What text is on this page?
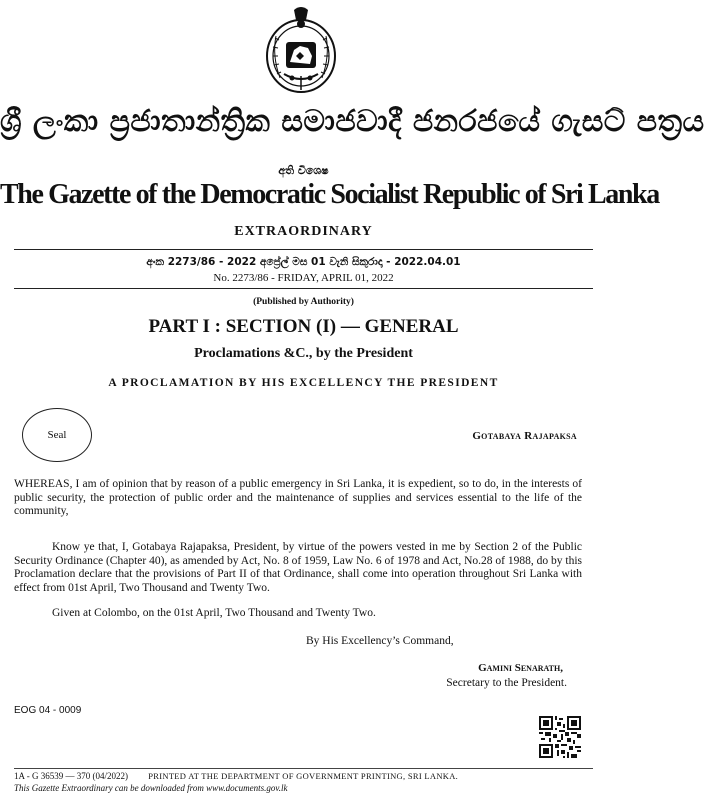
ශ්‍රී ලංකා ප්‍රජාතාන්ත්‍රික සමාජවාදී ජනරජයේ ගැසට් පත්‍රය
අති විශෙෂ
The Gazette of the Democratic Socialist Republic of Sri Lanka
EXTRAORDINARY
අංක 2273/86 - 2022 අප්‍රේල් මස 01 වැනි සිකුරාදා - 2022.04.01
No. 2273/86 - FRIDAY, APRIL 01, 2022
(Published by Authority)
PART I : SECTION (I) — GENERAL
Proclamations &C., by the President
A PROCLAMATION BY HIS EXCELLENCY THE PRESIDENT
Seal	Gotabaya Rajapaksa
WHEREAS, I am of opinion that by reason of a public emergency in Sri Lanka, it is expedient, so to do, in the interests of public security, the protection of public order and the maintenance of supplies and services essential to the life of the community,
Know ye that, I, Gotabaya Rajapaksa, President, by virtue of the powers vested in me by Section 2 of the Public Security Ordinance (Chapter 40), as amended by Act, No. 8 of 1959, Law No. 6 of 1978 and Act, No.28 of 1988, do by this Proclamation declare that the provisions of Part II of that Ordinance, shall come into operation throughout Sri Lanka with effect from 01st April, Two Thousand and Twenty Two.
Given at Colombo, on the 01st April, Two Thousand and Twenty Two.
By His Excellency’s Command,
Gamini Senarath,
Secretary to the President.
EOG 04 - 0009
1A - G 36539 — 370 (04/2022) PRINTED AT THE DEPARTMENT OF GOVERNMENT PRINTING, SRI LANKA.
This Gazette Extraordinary can be downloaded from www.documents.gov.lk
